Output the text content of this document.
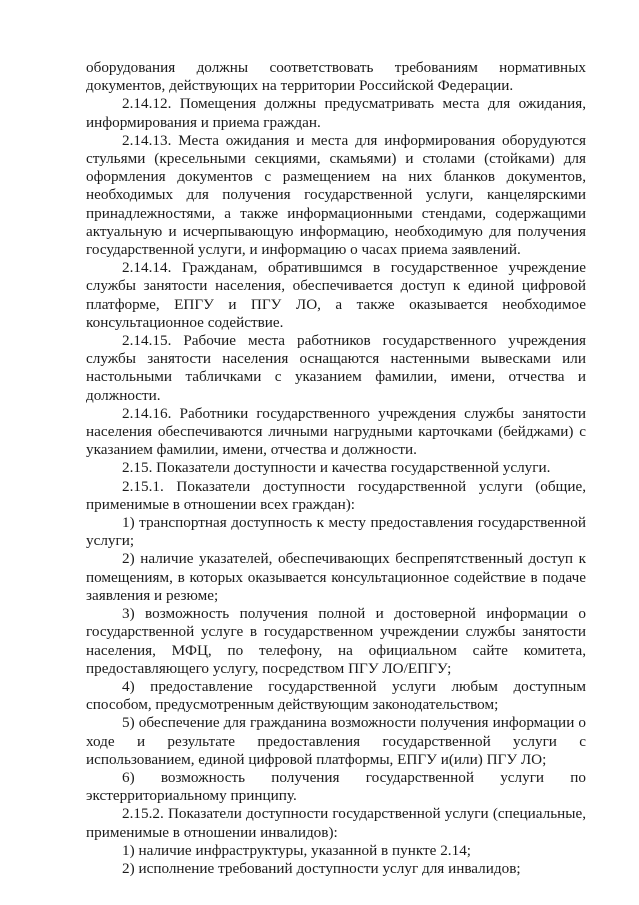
оборудования должны соответствовать требованиям нормативных документов, действующих на территории Российской Федерации.

2.14.12. Помещения должны предусматривать места для ожидания, информирования и приема граждан.

2.14.13. Места ожидания и места для информирования оборудуются стульями (кресельными секциями, скамьями) и столами (стойками) для оформления документов с размещением на них бланков документов, необходимых для получения государственной услуги, канцелярскими принадлежностями, а также информационными стендами, содержащими актуальную и исчерпывающую информацию, необходимую для получения государственной услуги, и информацию о часах приема заявлений.

2.14.14. Гражданам, обратившимся в государственное учреждение службы занятости населения, обеспечивается доступ к единой цифровой платформе, ЕПГУ и ПГУ ЛО, а также оказывается необходимое консультационное содействие.

2.14.15. Рабочие места работников государственного учреждения службы занятости населения оснащаются настенными вывесками или настольными табличками с указанием фамилии, имени, отчества и должности.

2.14.16. Работники государственного учреждения службы занятости населения обеспечиваются личными нагрудными карточками (бейджами) с указанием фамилии, имени, отчества и должности.

2.15. Показатели доступности и качества государственной услуги.

2.15.1. Показатели доступности государственной услуги (общие, применимые в отношении всех граждан):

1) транспортная доступность к месту предоставления государственной услуги;

2) наличие указателей, обеспечивающих беспрепятственный доступ к помещениям, в которых оказывается консультационное содействие в подаче заявления и резюме;

3) возможность получения полной и достоверной информации о государственной услуге в государственном учреждении службы занятости населения, МФЦ, по телефону, на официальном сайте комитета, предоставляющего услугу, посредством ПГУ ЛО/ЕПГУ;

4) предоставление государственной услуги любым доступным способом, предусмотренным действующим законодательством;

5) обеспечение для гражданина возможности получения информации о ходе и результате предоставления государственной услуги с использованием, единой цифровой платформы, ЕПГУ и(или) ПГУ ЛО;

6) возможность получения государственной услуги по экстерриториальному принципу.

2.15.2. Показатели доступности государственной услуги (специальные, применимые в отношении инвалидов):

1) наличие инфраструктуры, указанной в пункте 2.14;

2) исполнение требований доступности услуг для инвалидов;
